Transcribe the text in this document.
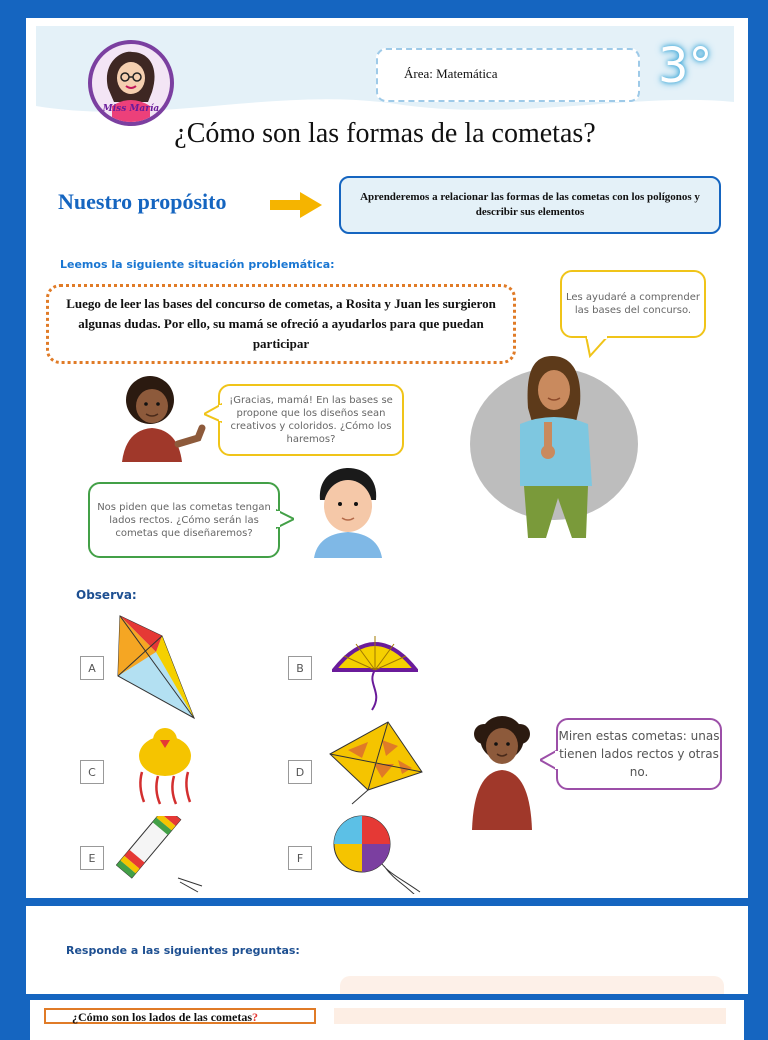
Miss María
Área: Matemática	3°
¿Cómo son las formas de la cometas?
Nuestro propósito	Aprenderemos a relacionar las formas de las cometas con los polígonos y describir sus elementos
Leemos la siguiente situación problemática:
Luego de leer las bases del concurso de cometas, a Rosita y Juan les surgieron algunas dudas. Por ello, su mamá se ofreció a ayudarlos para que puedan participar
Les ayudaré a comprender las bases del concurso.
¡Gracias, mamá! En las bases se propone que los diseños sean creativos y coloridos. ¿Cómo los haremos?
Nos piden que las cometas tengan lados rectos. ¿Cómo serán las cometas que diseñaremos?
Observa:
A	B
C	D
Miren estas cometas: unas tienen lados rectos y otras no.
E	F
Responde a las siguientes preguntas:
¿Cómo son los lados de las cometas?
